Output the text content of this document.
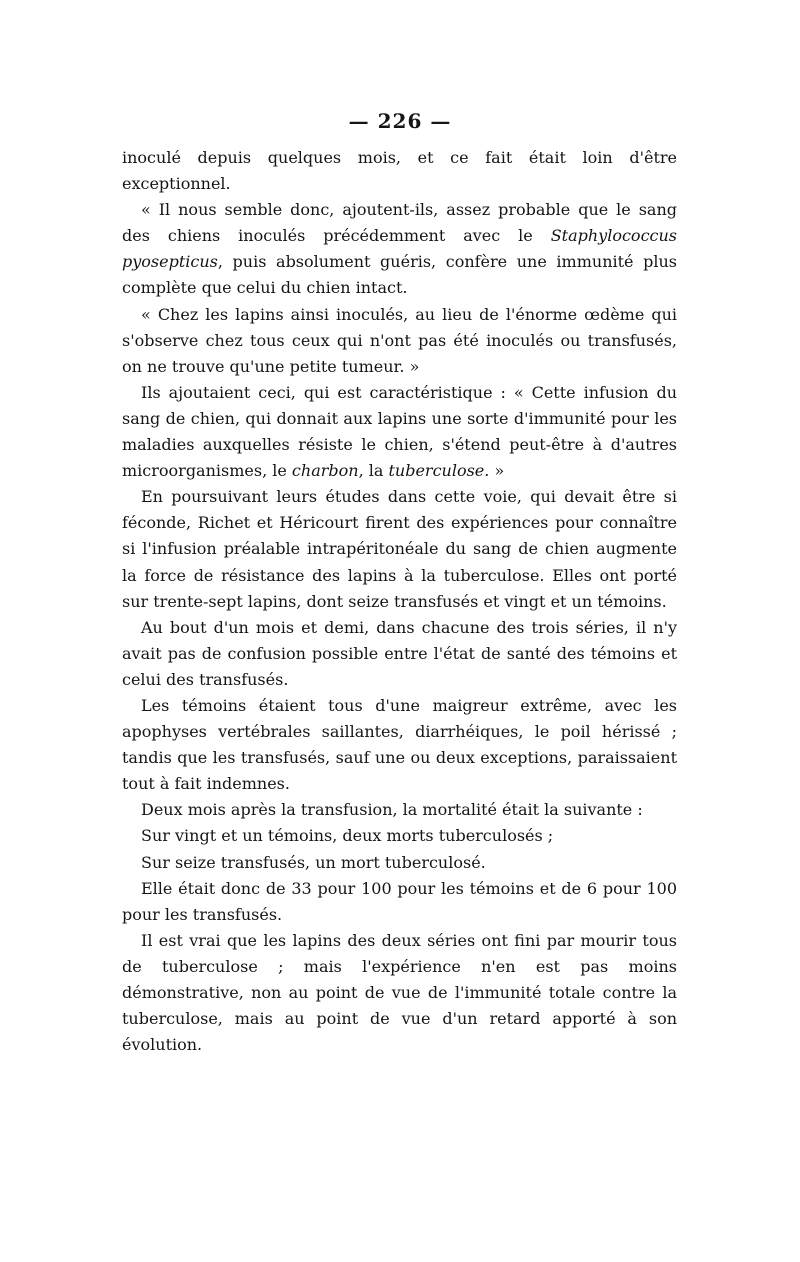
— 226 —

inoculé depuis quelques mois, et ce fait était loin d'être exceptionnel.

« Il nous semble donc, ajoutent-ils, assez probable que le sang des chiens inoculés précédemment avec le Staphylococcus pyosepticus, puis absolument guéris, confère une immunité plus complète que celui du chien intact.

« Chez les lapins ainsi inoculés, au lieu de l'énorme œdème qui s'observe chez tous ceux qui n'ont pas été inoculés ou transfusés, on ne trouve qu'une petite tumeur. »

Ils ajoutaient ceci, qui est caractéristique : « Cette infusion du sang de chien, qui donnait aux lapins une sorte d'immunité pour les maladies auxquelles résiste le chien, s'étend peut-être à d'autres microorganismes, le charbon, la tuberculose. »

En poursuivant leurs études dans cette voie, qui devait être si féconde, Richet et Héricourt firent des expériences pour connaître si l'infusion préalable intrapéritonéale du sang de chien augmente la force de résistance des lapins à la tuberculose. Elles ont porté sur trente-sept lapins, dont seize transfusés et vingt et un témoins.

Au bout d'un mois et demi, dans chacune des trois séries, il n'y avait pas de confusion possible entre l'état de santé des témoins et celui des transfusés.

Les témoins étaient tous d'une maigreur extrême, avec les apophyses vertébrales saillantes, diarrhéiques, le poil hérissé ; tandis que les transfusés, sauf une ou deux exceptions, paraissaient tout à fait indemnes.

Deux mois après la transfusion, la mortalité était la suivante :

Sur vingt et un témoins, deux morts tuberculosés ;

Sur seize transfusés, un mort tuberculosé.

Elle était donc de 33 pour 100 pour les témoins et de 6 pour 100 pour les transfusés.

Il est vrai que les lapins des deux séries ont fini par mourir tous de tuberculose ; mais l'expérience n'en est pas moins démonstrative, non au point de vue de l'immunité totale contre la tuberculose, mais au point de vue d'un retard apporté à son évolution.
